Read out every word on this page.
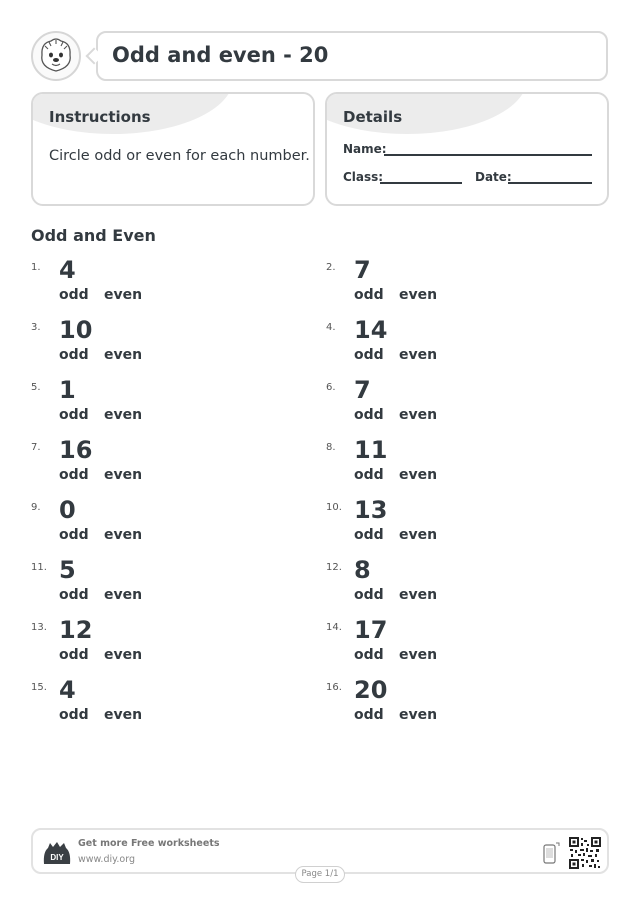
Odd and even - 20
Instructions
Circle odd or even for each number.
Details
Name:
Class:	Date:
Odd and Even
1. 4
odd even
2. 7
odd even
3. 10
odd even
4. 14
odd even
5. 1
odd even
6. 7
odd even
7. 16
odd even
8. 11
odd even
9. 0
odd even
10. 13
odd even
11. 5
odd even
12. 8
odd even
13. 12
odd even
14. 17
odd even
15. 4
odd even
16. 20
odd even
DIY
Get more Free worksheets
www.diy.org
Page 1/1
